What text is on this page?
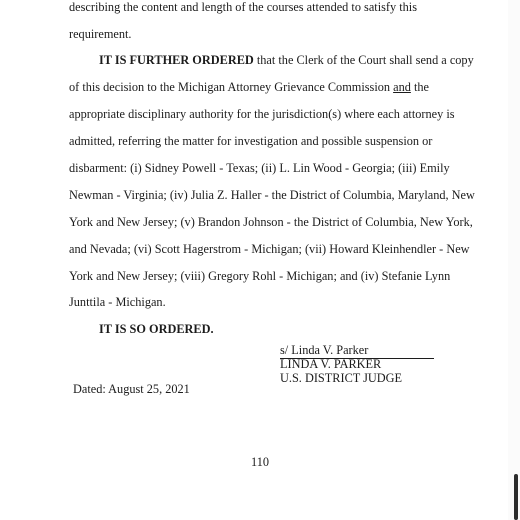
describing the content and length of the courses attended to satisfy this
requirement.
IT IS FURTHER ORDERED that the Clerk of the Court shall send a copy
of this decision to the Michigan Attorney Grievance Commission and the
appropriate disciplinary authority for the jurisdiction(s) where each attorney is
admitted, referring the matter for investigation and possible suspension or
disbarment: (i) Sidney Powell - Texas; (ii) L. Lin Wood - Georgia; (iii) Emily
Newman - Virginia; (iv) Julia Z. Haller - the District of Columbia, Maryland, New
York and New Jersey; (v) Brandon Johnson - the District of Columbia, New York,
and Nevada; (vi) Scott Hagerstrom - Michigan; (vii) Howard Kleinhendler - New
York and New Jersey; (viii) Gregory Rohl - Michigan; and (iv) Stefanie Lynn
Junttila - Michigan.
IT IS SO ORDERED.
s/ Linda V. Parker
LINDA V. PARKER
U.S. DISTRICT JUDGE
Dated: August 25, 2021
110
